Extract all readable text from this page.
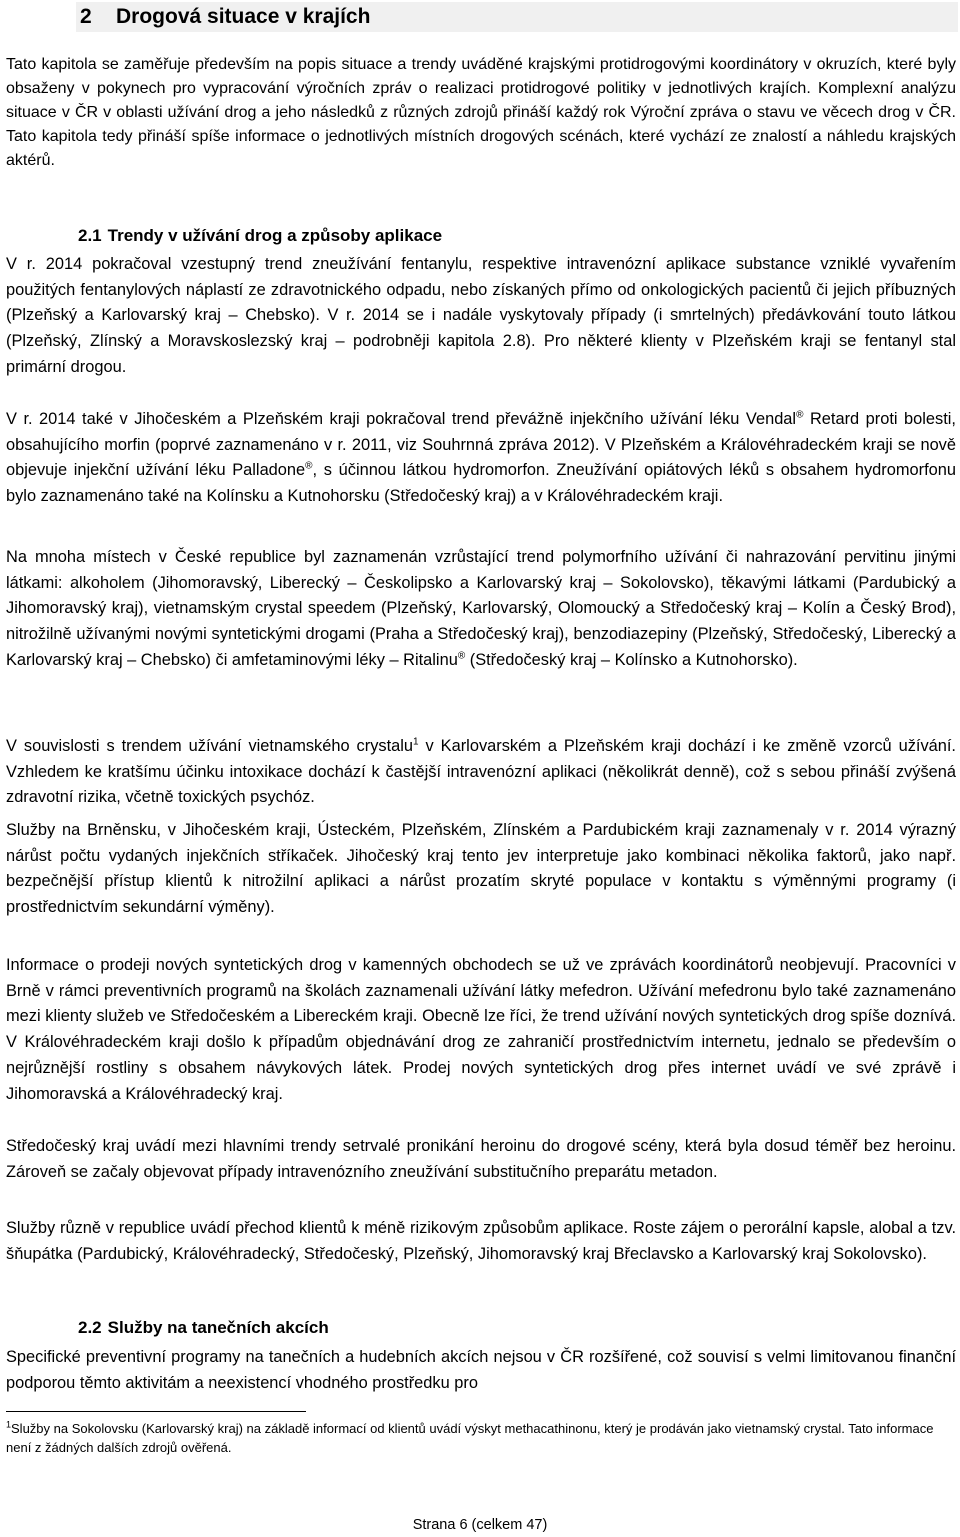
2	Drogová situace v krajích

Tato kapitola se zaměřuje především na popis situace a trendy uváděné krajskými protidrogovými koordinátory v okruzích, které byly obsaženy v pokynech pro vypracování výročních zpráv o realizaci protidrogové politiky v jednotlivých krajích. Komplexní analýzu situace v ČR v oblasti užívání drog a jeho následků z různých zdrojů přináší každý rok Výroční zpráva o stavu ve věcech drog v ČR. Tato kapitola tedy přináší spíše informace o jednotlivých místních drogových scénách, které vychází ze znalostí a náhledu krajských aktérů.

2.1 Trendy v užívání drog a způsoby aplikace

V r. 2014 pokračoval vzestupný trend zneužívání fentanylu, respektive intravenózní aplikace substance vzniklé vyvařením použitých fentanylových náplastí ze zdravotnického odpadu, nebo získaných přímo od onkologických pacientů či jejich příbuzných (Plzeňský a Karlovarský kraj – Chebsko). V r. 2014 se i nadále vyskytovaly případy (i smrtelných) předávkování touto látkou (Plzeňský, Zlínský a Moravskoslezský kraj – podrobněji kapitola 2.8). Pro některé klienty v Plzeňském kraji se fentanyl stal primární drogou.

V r. 2014 také v Jihočeském a Plzeňském kraji pokračoval trend převážně injekčního užívání léku Vendal® Retard proti bolesti, obsahujícího morfin (poprvé zaznamenáno v r. 2011, viz Souhrnná zpráva 2012). V Plzeňském a Královéhradeckém kraji se nově objevuje injekční užívání léku Palladone®, s účinnou látkou hydromorfon. Zneužívání opiátových léků s obsahem hydromorfonu bylo zaznamenáno také na Kolínsku a Kutnohorsku (Středočeský kraj) a v Královéhradeckém kraji.

Na mnoha místech v České republice byl zaznamenán vzrůstající trend polymorfního užívání či nahrazování pervitinu jinými látkami: alkoholem (Jihomoravský, Liberecký – Českolipsko a Karlovarský kraj – Sokolovsko), těkavými látkami (Pardubický a Jihomoravský kraj), vietnamským crystal speedem (Plzeňský, Karlovarský, Olomoucký a Středočeský kraj – Kolín a Český Brod), nitrožilně užívanými novými syntetickými drogami (Praha a Středočeský kraj), benzodiazepiny (Plzeňský, Středočeský, Liberecký a Karlovarský kraj – Chebsko) či amfetaminovými léky – Ritalinu® (Středočeský kraj – Kolínsko a Kutnohorsko).

V souvislosti s trendem užívání vietnamského crystalu$^1$ v Karlovarském a Plzeňském kraji dochází i ke změně vzorců užívání. Vzhledem ke kratšímu účinku intoxikace dochází k častější intravenózní aplikaci (několikrát denně), což s sebou přináší zvýšená zdravotní rizika, včetně toxických psychóz.

Služby na Brněnsku, v Jihočeském kraji, Ústeckém, Plzeňském, Zlínském a Pardubickém kraji zaznamenaly v r. 2014 výrazný nárůst počtu vydaných injekčních stříkaček. Jihočeský kraj tento jev interpretuje jako kombinaci několika faktorů, jako např. bezpečnější přístup klientů k nitrožilní aplikaci a nárůst prozatím skryté populace v kontaktu s výměnnými programy (i prostřednictvím sekundární výměny).

Informace o prodeji nových syntetických drog v kamenných obchodech se už ve zprávách koordinátorů neobjevují. Pracovníci v Brně v rámci preventivních programů na školách zaznamenali užívání látky mefedron. Užívání mefedronu bylo také zaznamenáno mezi klienty služeb ve Středočeském a Libereckém kraji. Obecně lze říci, že trend užívání nových syntetických drog spíše doznívá. V Královéhradeckém kraji došlo k případům objednávání drog ze zahraničí prostřednictvím internetu, jednalo se především o nejrůznější rostliny s obsahem návykových látek. Prodej nových syntetických drog přes internet uvádí ve své zprávě i Jihomoravská a Královéhradecký kraj.

Středočeský kraj uvádí mezi hlavními trendy setrvalé pronikání heroinu do drogové scény, která byla dosud téměř bez heroinu. Zároveň se začaly objevovat případy intravenózního zneužívání substitučního preparátu metadon.

Služby různě v republice uvádí přechod klientů k méně rizikovým způsobům aplikace. Roste zájem o perorální kapsle, alobal a tzv. šňupátka (Pardubický, Královéhradecký, Středočeský, Plzeňský, Jihomoravský kraj Břeclavsko a Karlovarský kraj Sokolovsko).

2.2 Služby na tanečních akcích

Specifické preventivní programy na tanečních a hudebních akcích nejsou v ČR rozšířené, což souvisí s velmi limitovanou finanční podporou těmto aktivitám a neexistencí vhodného prostředku pro

$^1$Služby na Sokolovsku (Karlovarský kraj) na základě informací od klientů uvádí výskyt methacathinonu, který je prodáván jako vietnamský crystal. Tato informace není z žádných dalších zdrojů ověřená.

Strana 6 (celkem 47)
